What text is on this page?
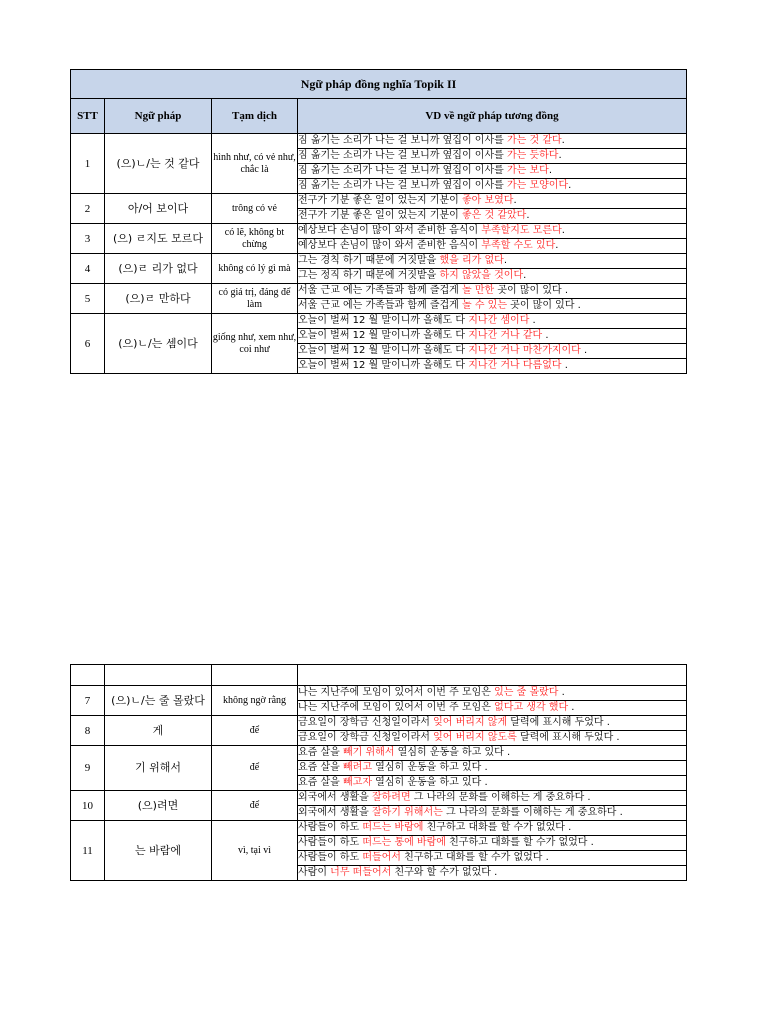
Ngữ pháp đồng nghĩa Topik II			
STT	Ngữ pháp	Tạm dịch	VD về ngữ pháp tương đồng
1	(으)ㄴ/는 것 같다	hình như, có vẻ như, chắc là	짐 옮기는 소리가 나는 걸 보니까 옆집이 이사를 가는 것 같다.
			짐 옮기는 소리가 나는 걸 보니까 옆집이 이사를 가는 듯하다.
			짐 옮기는 소리가 나는 걸 보니까 옆집이 이사를 가는 보다.
			짐 옮기는 소리가 나는 걸 보니까 옆집이 이사를 가는 모양이다.
2	아/어 보이다	trông có vẻ	전구가 기분 좋은 일이 었는지 기분이 좋아 보였다.
			전구가 기분 좋은 일이 었는지 기분이 좋은 것 같았다.
3	(으) ㄹ지도 모르다	có lẽ, không bt chừng	예상보다 손님이 많이 와서 준비한 음식이 부족할지도 모른다.
			예상보다 손님이 많이 와서 준비한 음식이 부족할 수도 있다.
4	(으)ㄹ 리가 없다	không có lý gì mà	그는 경칙 하기 때문에 거짓말을 했을 리가 없다.
			그는 정직 하기 때문에 거짓밭을 하지 않았을 것이다.
5	(으)ㄹ 만하다	có giá trị, đáng để làm	서울 근교 에는 가족들과 함께 즐겁게 놀 만한 곳이 많이 있다 .
			서울 근교 에는 가족들과 함께 즐겁게 놀 수 있는 곳이 많이 있다 .
6	(으)ㄴ/는 셈이다	giống như, xem như, coi như	오늘이 벌써 12 월 말이니까 올해도 다 지나간 셈이다 .
			오늘이 벌써 12 월 말이니까 올해도 다 지나간 거나 같다 .
			오늘이 벌써 12 월 말이니까 올해도 다 지나간 거나 마찬가지이다 .
			오늘이 벌써 12 월 말이니까 올해도 다 지나간 거나 다름없다 .

7	(으)ㄴ/는 줄 몰랐다	không ngờ rằng	나는 지난주에 모임이 있어서 이번 주 모임은 있는 줄 몰랐다 .
			나는 지난주에 모임이 있어서 이번 주 모임은 없다고 생각 했다 .
8	게	để	금요일이 장학금 신청일이라서 잊어 버리지 않게 달력에 표시해 두었다 .
			금요일이 장학금 신청일이라서 잊어 버리지 않도록 달력에 표시해 두었다 .
9	기 위해서	để	요즘 살을 빼기 위해서 열심히 운동을 하고 있다 .
			요즘 살을 빼려고 열심히 운동을 하고 있다 .
			요즘 살을 빼고자 열심히 운동을 하고 있다 .
10	(으)려면	để	외국에서 생활을 잘하려면 그 나라의 문화를 이해하는 게 중요하다 .
			외국에서 생활을 잘하기 위해서는 그 나라의 문화를 이해하는 게 중요하다 .
11	는 바람에	vì, tại vì	사람들이 하도 떠드는 바람에 친구하고 대화를 할 수가 없었다 .
			사람들이 하도 떠드는 통에 바람에 친구하고 대화를 할 수가 없었다 .
			사람들이 하도 떠들어서 친구하고 대화를 할 수가 없었다 .
			사람이 너무 떠들어서 친구와 할 수가 없었다 .
